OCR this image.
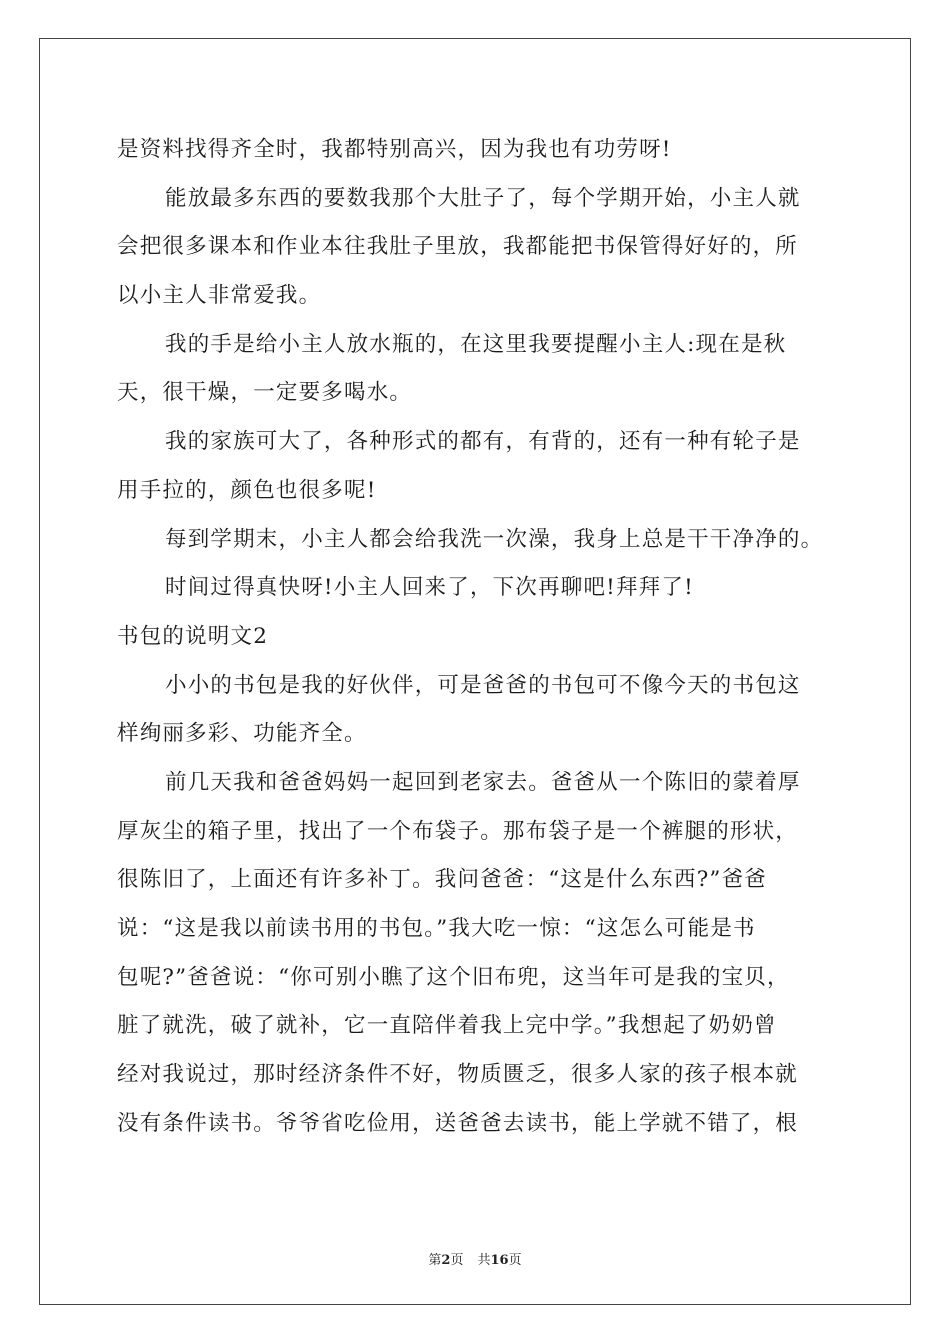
是资料找得齐全时，我都特别高兴，因为我也有功劳呀!
能放最多东西的要数我那个大肚子了，每个学期开始，小主人就
会把很多课本和作业本往我肚子里放，我都能把书保管得好好的，所
以小主人非常爱我。
我的手是给小主人放水瓶的，在这里我要提醒小主人:现在是秋
天，很干燥，一定要多喝水。
我的家族可大了，各种形式的都有，有背的，还有一种有轮子是
用手拉的，颜色也很多呢!
每到学期末，小主人都会给我洗一次澡，我身上总是干干净净的。
时间过得真快呀!小主人回来了，下次再聊吧!拜拜了!
书包的说明文2
小小的书包是我的好伙伴，可是爸爸的书包可不像今天的书包这
样绚丽多彩、功能齐全。
前几天我和爸爸妈妈一起回到老家去。爸爸从一个陈旧的蒙着厚
厚灰尘的箱子里，找出了一个布袋子。那布袋子是一个裤腿的形状，
很陈旧了，上面还有许多补丁。我问爸爸：“这是什么东西?”爸爸
说：“这是我以前读书用的书包。”我大吃一惊：“这怎么可能是书
包呢?”爸爸说：“你可别小瞧了这个旧布兜，这当年可是我的宝贝，
脏了就洗，破了就补，它一直陪伴着我上完中学。”我想起了奶奶曾
经对我说过，那时经济条件不好，物质匮乏，很多人家的孩子根本就
没有条件读书。爷爷省吃俭用，送爸爸去读书，能上学就不错了，根
第2页 共16页
